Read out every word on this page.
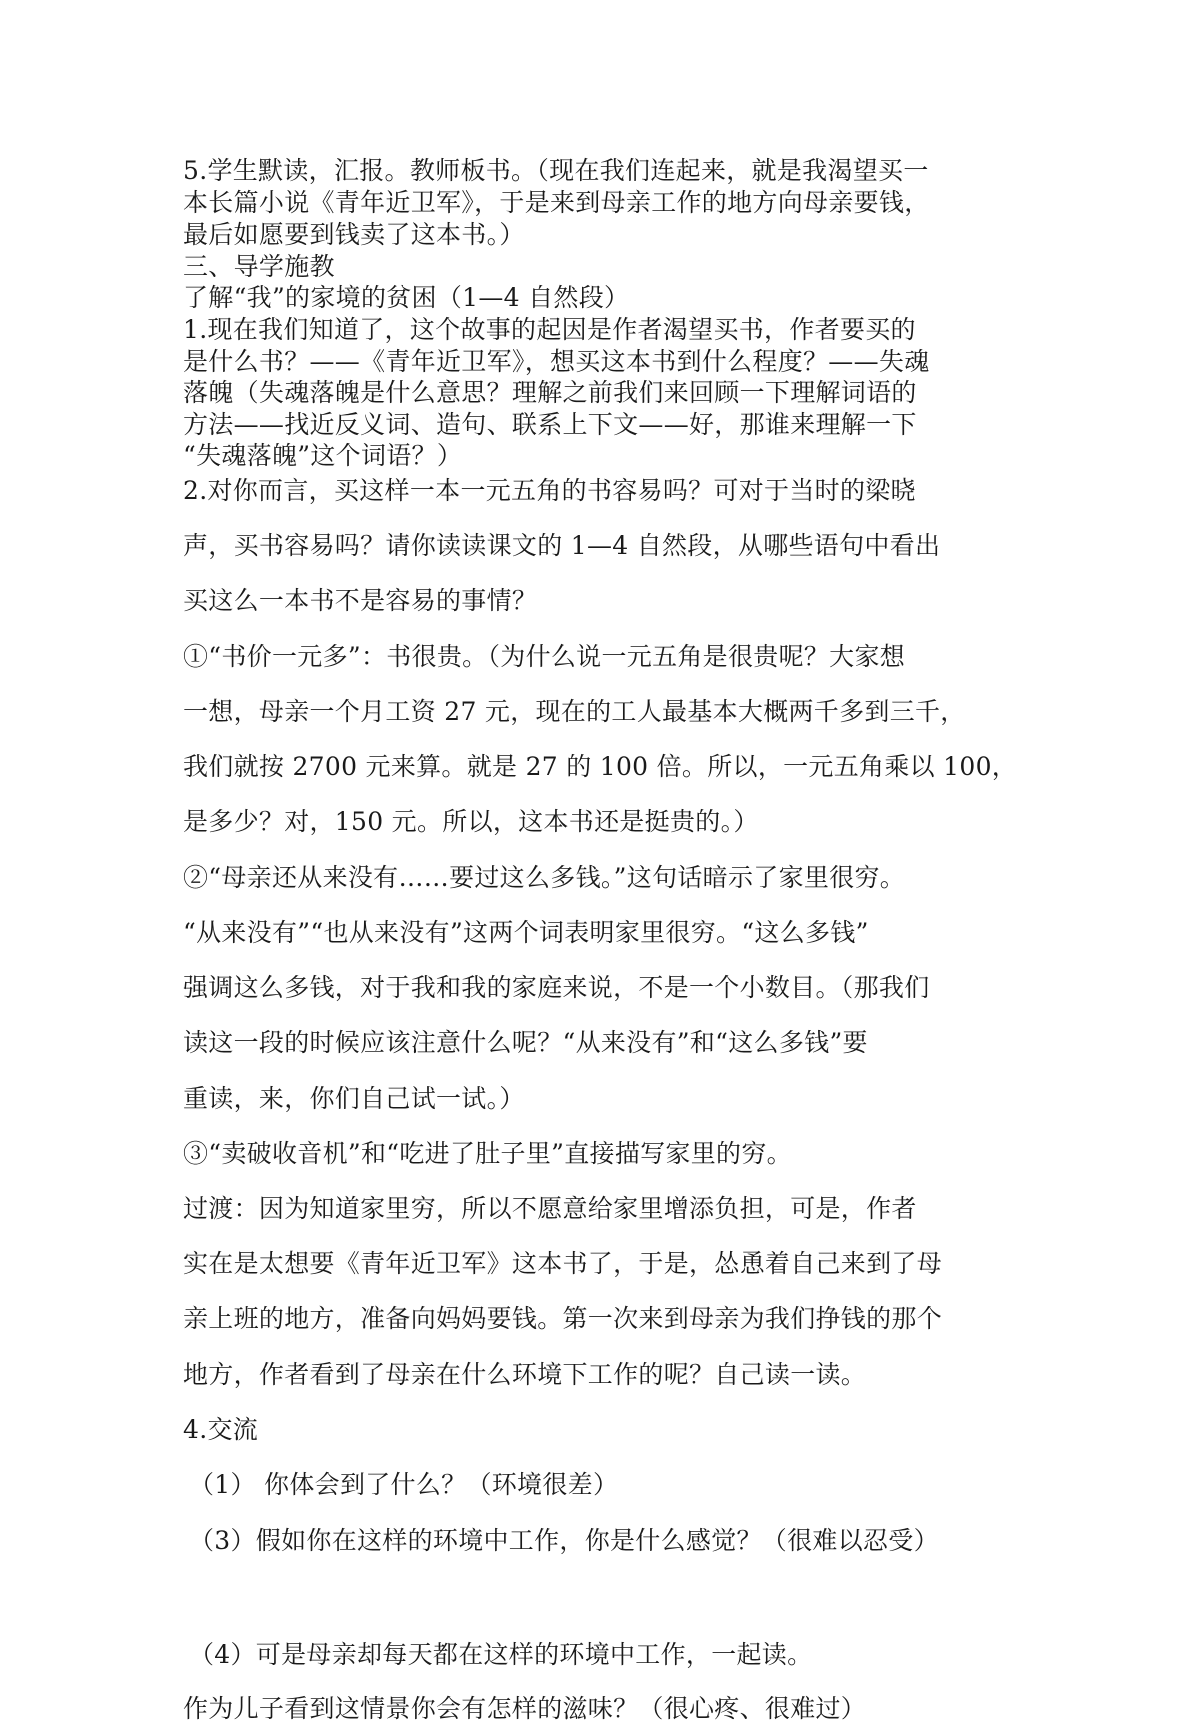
5.学生默读，汇报。教师板书。（现在我们连起来，就是我渴望买一
本长篇小说《青年近卫军》，于是来到母亲工作的地方向母亲要钱，
最后如愿要到钱卖了这本书。）
三、导学施教
了解“我”的家境的贫困（1—4 自然段）
1.现在我们知道了，这个故事的起因是作者渴望买书，作者要买的
是什么书？——《青年近卫军》，想买这本书到什么程度？——失魂
落魄（失魂落魄是什么意思？理解之前我们来回顾一下理解词语的
方法——找近反义词、造句、联系上下文——好，那谁来理解一下
“失魂落魄”这个词语？）
2.对你而言，买这样一本一元五角的书容易吗？可对于当时的梁晓
声，买书容易吗？请你读读课文的 1—4 自然段，从哪些语句中看出
买这么一本书不是容易的事情？
①“书价一元多”：书很贵。（为什么说一元五角是很贵呢？大家想
一想，母亲一个月工资 27 元，现在的工人最基本大概两千多到三千，
我们就按 2700 元来算。就是 27 的 100 倍。所以，一元五角乘以 100，
是多少？对，150 元。所以，这本书还是挺贵的。）
②“母亲还从来没有……要过这么多钱。”这句话暗示了家里很穷。
“从来没有”“也从来没有”这两个词表明家里很穷。“这么多钱”
强调这么多钱，对于我和我的家庭来说，不是一个小数目。（那我们
读这一段的时候应该注意什么呢？“从来没有”和“这么多钱”要
重读，来，你们自己试一试。）
③“卖破收音机”和“吃进了肚子里”直接描写家里的穷。
过渡：因为知道家里穷，所以不愿意给家里增添负担，可是，作者
实在是太想要《青年近卫军》这本书了，于是，怂恿着自己来到了母
亲上班的地方，准备向妈妈要钱。第一次来到母亲为我们挣钱的那个
地方，作者看到了母亲在什么环境下工作的呢？自己读一读。
4.交流
（1） 你体会到了什么？（环境很差）
（3）假如你在这样的环境中工作，你是什么感觉？（很难以忍受）
（4）可是母亲却每天都在这样的环境中工作，一起读。
作为儿子看到这情景你会有怎样的滋味？（很心疼、很难过）
